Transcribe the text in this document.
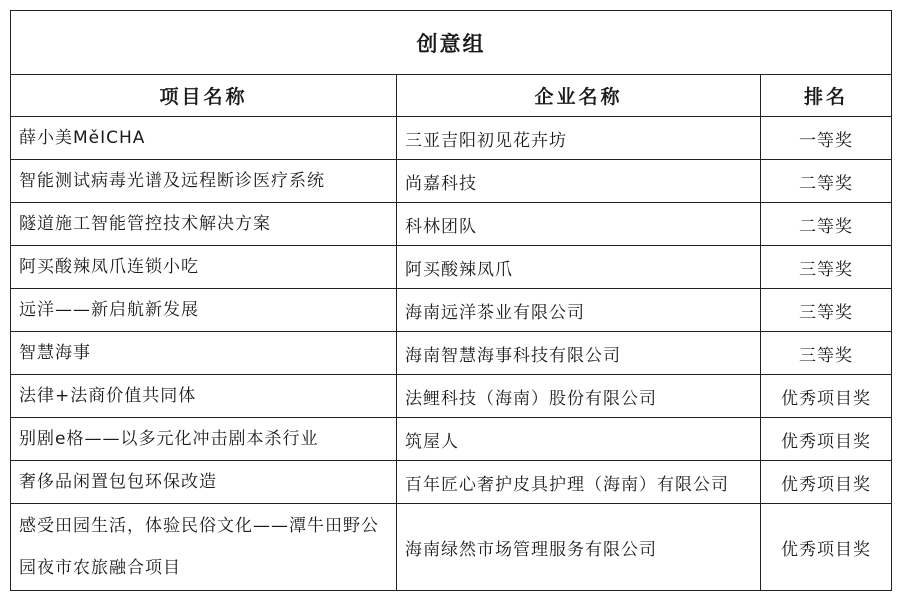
创意组		
项目名称	企业名称	排名
薛小美MěICHA	三亚吉阳初见花卉坊	一等奖
智能测试病毒光谱及远程断诊医疗系统	尚嘉科技	二等奖
隧道施工智能管控技术解决方案	科林团队	二等奖
阿买酸辣凤爪连锁小吃	阿买酸辣凤爪	三等奖
远洋——新启航新发展	海南远洋茶业有限公司	三等奖
智慧海事	海南智慧海事科技有限公司	三等奖
法律+法商价值共同体	法鲤科技（海南）股份有限公司	优秀项目奖
别剧e格——以多元化冲击剧本杀行业	筑屋人	优秀项目奖
奢侈品闲置包包环保改造	百年匠心奢护皮具护理（海南）有限公司	优秀项目奖
感受田园生活，体验民俗文化——潭牛田野公园夜市农旅融合项目	海南绿然市场管理服务有限公司	优秀项目奖
